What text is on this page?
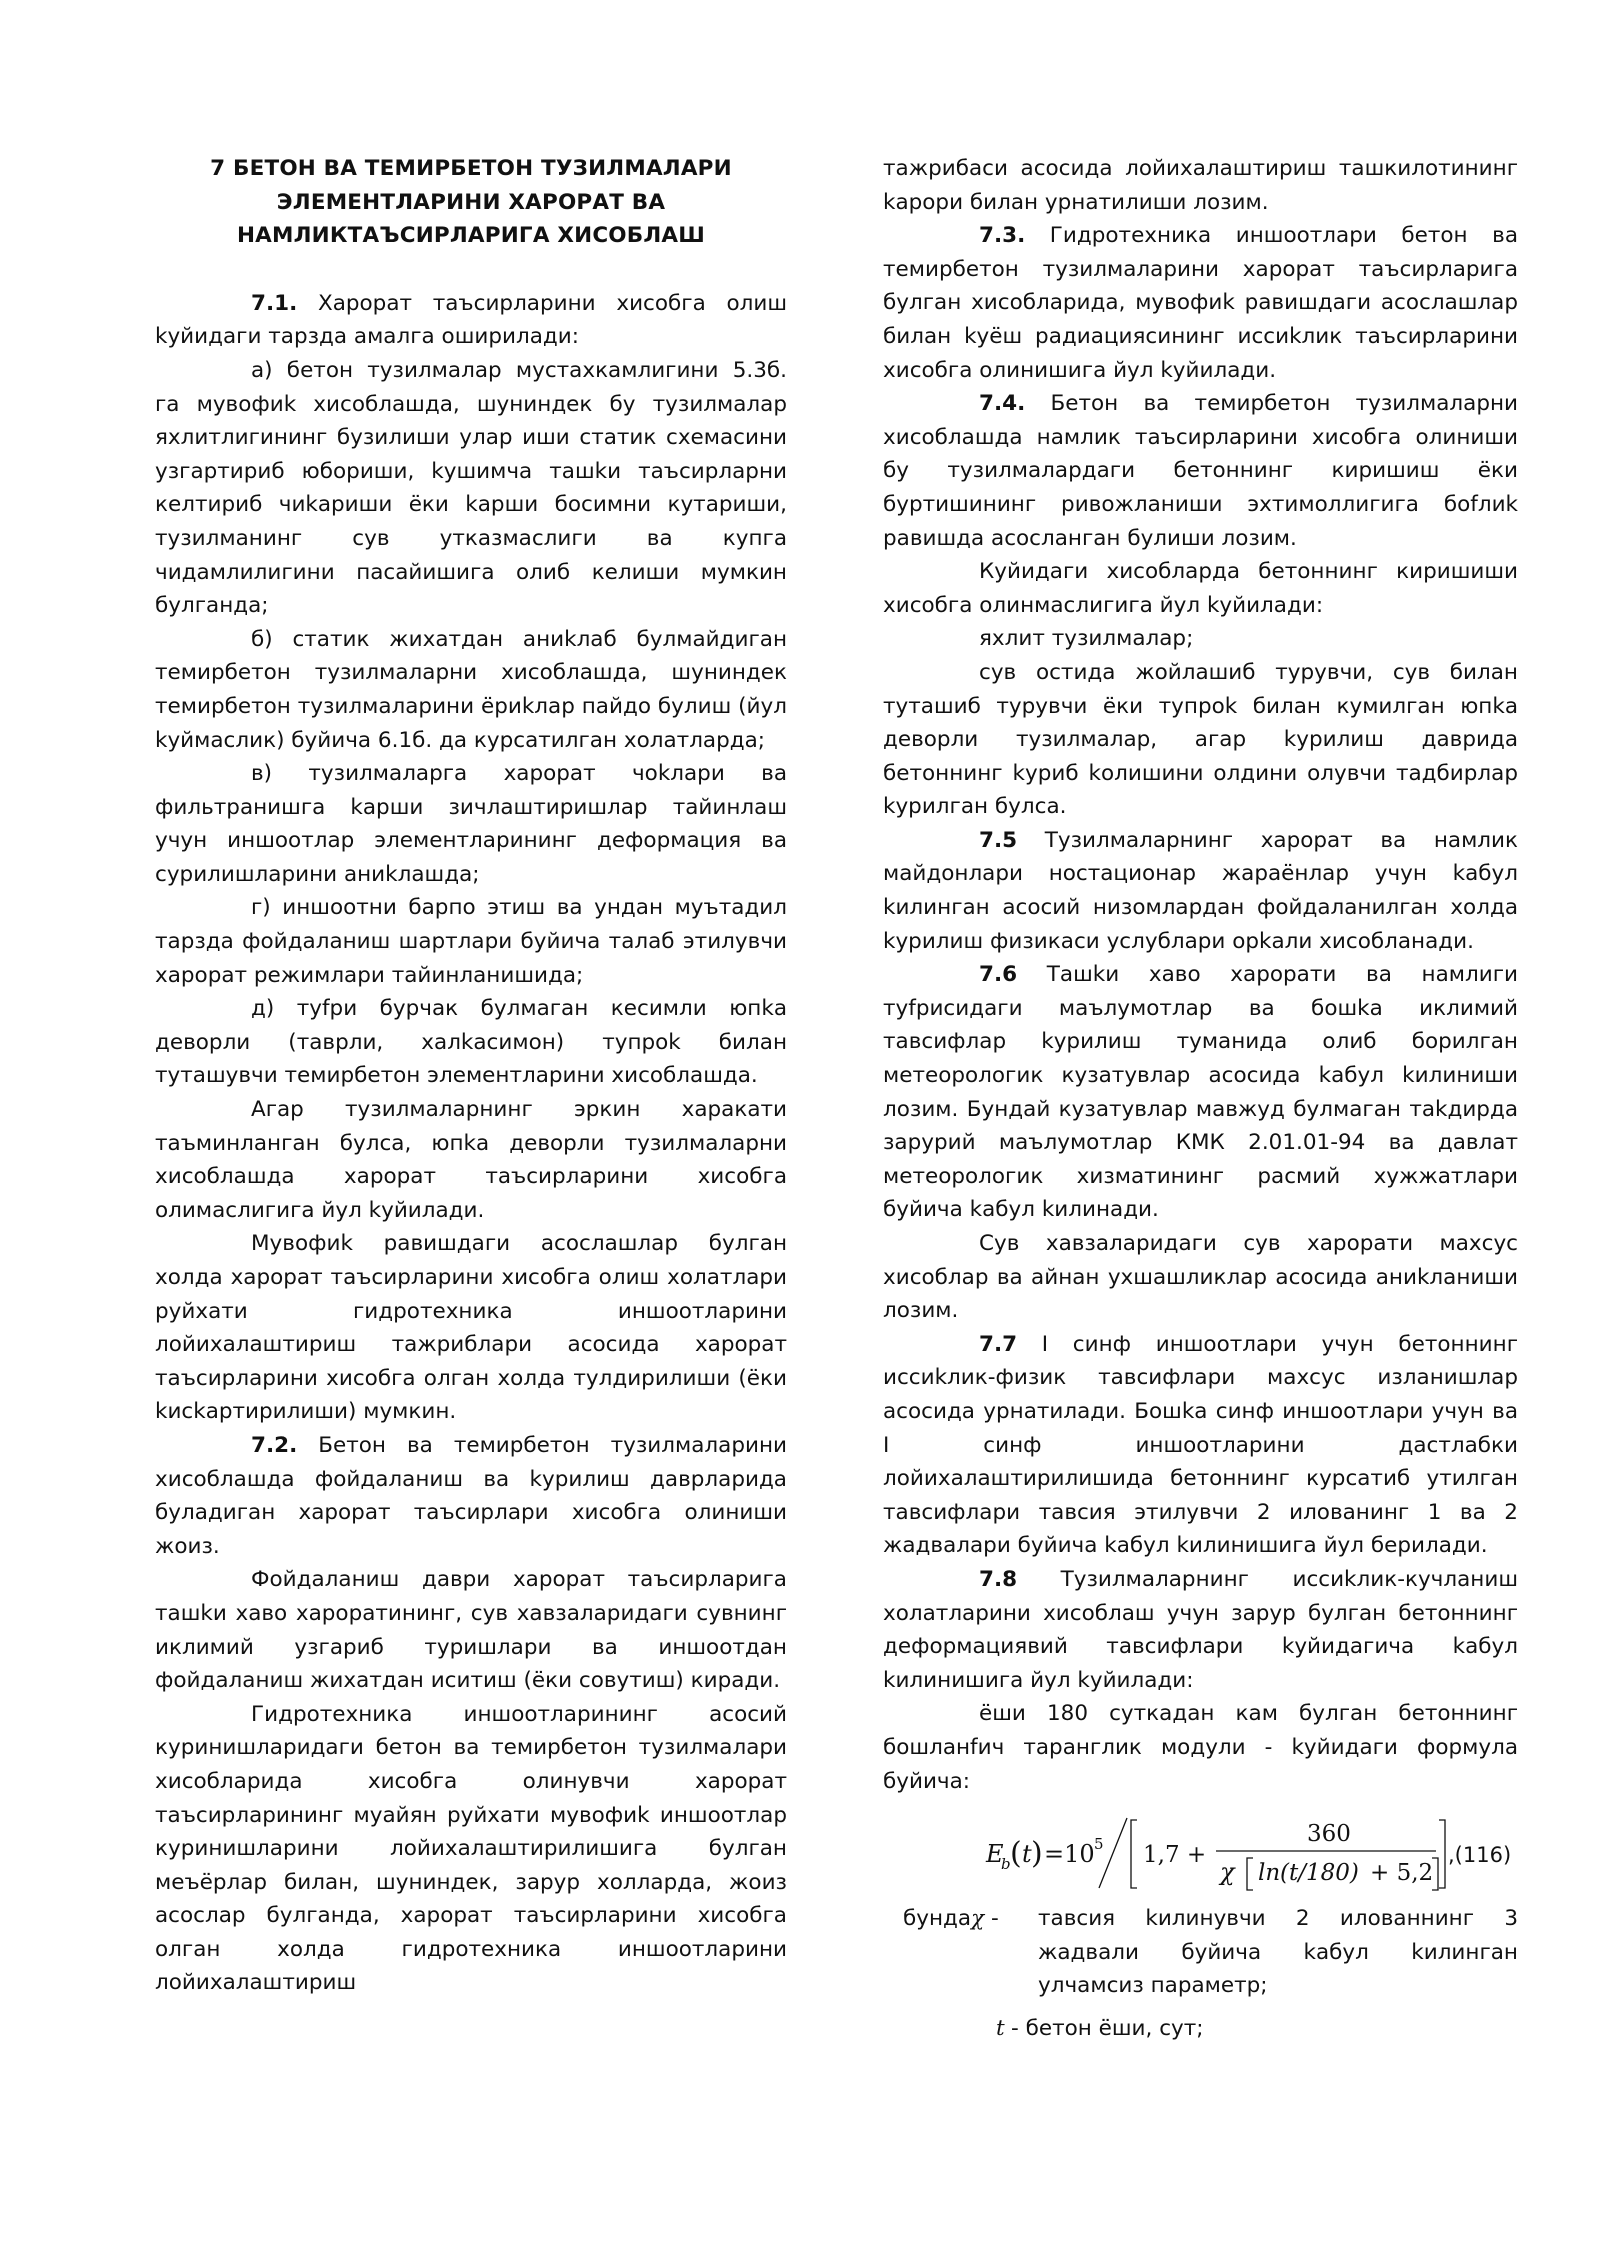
7 БЕТОН ВА ТЕМИРБЕТОН ТУЗИЛМАЛАРИ
ЭЛЕМЕНТЛАРИНИ ХАРОРАТ ВА
НАМЛИКТАЪСИРЛАРИГА ХИСОБЛАШ

7.1. Харорат таъсирларини хисобга олиш kуйидаги тарзда амалга оширилади:

а) бетон тузилмалар мустахкамлигини 5.3б. га мувофиk хисоблашда, шуниндек бу тузилмалар яхлитлигининг бузилиши улар иши статик схемасини узгартириб юбориши, kушимча ташkи таъсирларни келтириб чиkариши ёки kарши босимни кутариши, тузилманинг сув утказмаслиги ва купга чидамлилигини пасайишига олиб келиши мумкин булганда;

б) статик жихатдан аниkлаб булмайдиган темирбетон тузилмаларни хисоблашда, шуниндек темирбетон тузилмаларини ёриkлар пайдо булиш (йул kуймаслик) буйича 6.1б. да курсатилган холатларда;

в) тузилмаларга харорат чоkлари ва фильтранишга kарши зичлаштиришлар тайинлаш учун иншоотлар элементларининг деформация ва сурилишларини аниkлашда;

г) иншоотни барпо этиш ва ундан муътадил тарзда фойдаланиш шартлари буйича талаб этилувчи харорат режимлари тайинланишида;

д) туfри бурчак булмаган кесимли юпkа деворли (таврли, халkасимон) тупроk билан туташувчи темирбетон элементларини хисоблашда.

Агар тузилмаларнинг эркин харакати таъминланган булса, юпkа деворли тузилмаларни хисоблашда харорат таъсирларини хисобга олимаслигига йул kуйилади.

Мувофиk равишдаги асослашлар булган холда харорат таъсирларини хисобга олиш холатлари руйхати гидротехника иншоотларини лойихалаштириш тажриблари асосида харорат таъсирларини хисобга олган холда тулдирилиши (ёки kисkартирилиши) мумкин.

7.2. Бетон ва темирбетон тузилмаларини хисоблашда фойдаланиш ва kурилиш даврларида буладиган харорат таъсирлари хисобга олиниши жоиз.

Фойдаланиш даври харорат таъсирларига ташkи хаво хароратининг, сув хавзаларидаги сувнинг иклимий узгариб туришлари ва иншоотдан фойдаланиш жихатдан иситиш (ёки совутиш) киради.

Гидротехника иншоотларининг асосий куринишларидаги бетон ва темирбетон тузилмалари хисобларида хисобга олинувчи харорат таъсирларининг муайян руйхати мувофиk иншоотлар куринишларини лойихалаштирилишига булган меъёрлар билан, шуниндек, зарур холларда, жоиз асослар булганда, харорат таъсирларини хисобга олган холда гидротехника иншоотларини лойихалаштириш

тажрибаси асосида лойихалаштириш ташкилотининг kарори билан урнатилиши лозим.

7.3. Гидротехника иншоотлари бетон ва темирбетон тузилмаларини харорат таъсирларига булган хисобларида, мувофиk равишдаги асослашлар билан kуёш радиациясининг иссиkлик таъсирларини хисобга олинишига йул kуйилади.

7.4. Бетон ва темирбетон тузилмаларни хисоблашда намлик таъсирларини хисобга олиниши бу тузилмалардаги бетоннинг киришиш ёки буртишининг ривожланиши эхтимоллигига боfлиk равишда асосланган булиши лозим.

Куйидаги хисобларда бетоннинг киришиши хисобга олинмаслигига йул kуйилади:

яхлит тузилмалар;

сув остида жойлашиб турувчи, сув билан туташиб турувчи ёки тупроk билан кумилган юпkа деворли тузилмалар, агар kурилиш даврида бетоннинг kуриб kолишини олдини олувчи тадбирлар kурилган булса.

7.5 Тузилмаларнинг харорат ва намлик майдонлари ностационар жараёнлар учун kабул kилинган асосий низомлардан фойдаланилган холда kурилиш физикаси услублари орkали хисобланади.

7.6 Ташkи хаво харорати ва намлиги туfрисидаги маълумотлар ва бошkа иклимий тавсифлар kурилиш туманида олиб борилган метеорологик кузатувлар асосида kабул kилиниши лозим. Бундай кузатувлар мавжуд булмаган таkдирда зарурий маълумотлар КМК 2.01.01-94 ва давлат метеорологик хизматининг расмий хужжатлари буйича kабул kилинади.

Сув хавзаларидаги сув харорати махсус хисоблар ва айнан ухшашликлар асосида аниkланиши лозим.

7.7 I синф иншоотлари учун бетоннинг иссиkлик-физик тавсифлари махсус изланишлар асосида урнатилади. Бошkа синф иншоотлари учун ва I синф иншоотларини дастлабки лойихалаштирилишида бетоннинг курсатиб утилган тавсифлари тавсия этилувчи 2 илованинг 1 ва 2 жадвалари буйича kабул kилинишига йул берилади.

7.8 Тузилмаларнинг иссиkлик-кучланиш холатларини хисоблаш учун зарур булган бетоннинг деформациявий тавсифлари kуйидагича kабул kилинишига йул kуйилади:

ёши 180 суткадан кам булган бетоннинг бошланfич таранглик модули - kуйидаги формула буйича:

E
b ( t ) =10 5 1,7 +
360
χ ln (t/180) + 5,2
,(116)
бундаχ - тавсия kилинувчи 2 илованнинг 3 жадвали буйича kабул kилинган улчамсиз параметр;
t - бетон ёши, сут;
